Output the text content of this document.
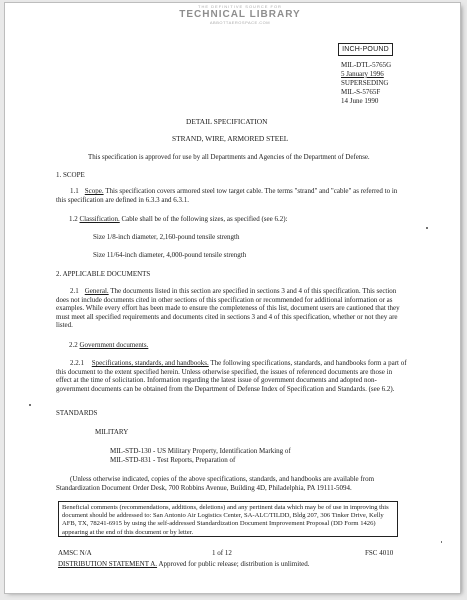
THE DEFINITIVE SOURCE FOR
TECHNICAL LIBRARY
ABBOTTAEROSPACE.COM
INCH-POUND
MIL-DTL-5765G
5 January 1996
SUPERSEDING
MIL-S-5765F
14 June 1990
DETAIL SPECIFICATION
STRAND, WIRE, ARMORED STEEL
This specification is approved for use by all Departments and Agencies of the Department of Defense.
1. SCOPE
1.1 Scope. This specification covers armored steel tow target cable. The terms "strand" and "cable" as referred to in this specification are defined in 6.3.3 and 6.3.1.
1.2 Classification. Cable shall be of the following sizes, as specified (see 6.2):
Size 1/8-inch diameter, 2,160-pound tensile strength
Size 11/64-inch diameter, 4,000-pound tensile strength
2. APPLICABLE DOCUMENTS
2.1 General. The documents listed in this section are specified in sections 3 and 4 of this specification. This section does not include documents cited in other sections of this specification or recommended for additional information or as examples. While every effort has been made to ensure the completeness of this list, document users are cautioned that they must meet all specified requirements and documents cited in sections 3 and 4 of this specification, whether or not they are listed.
2.2 Government documents.
2.2.1 Specifications, standards, and handbooks. The following specifications, standards, and handbooks form a part of this document to the extent specified herein. Unless otherwise specified, the issues of referenced documents are those in effect at the time of solicitation. Information regarding the latest issue of government documents and adopted non-government documents can be obtained from the Department of Defense Index of Specification and Standards. (see 6.2).
STANDARDS
MILITARY
MIL-STD-130 - US Military Property, Identification Marking of
MIL-STD-831 - Test Reports, Preparation of
(Unless otherwise indicated, copies of the above specifications, standards, and handbooks are available from Standardization Document Order Desk, 700 Robbins Avenue, Building 4D, Philadelphia, PA 19111-5094.
Beneficial comments (recommendations, additions, deletions) and any pertinent data which may be of use in improving this document should be addressed to: San Antonio Air Logistics Center, SA-ALC/TILDD, Bldg 207, 306 Tinker Drive, Kelly AFB, TX, 78241-6915 by using the self-addressed Standardization Document Improvement Proposal (DD Form 1426) appearing at the end of this document or by letter.
AMSC N/A	1 of 12	FSC 4010
DISTRIBUTION STATEMENT A. Approved for public release; distribution is unlimited.
